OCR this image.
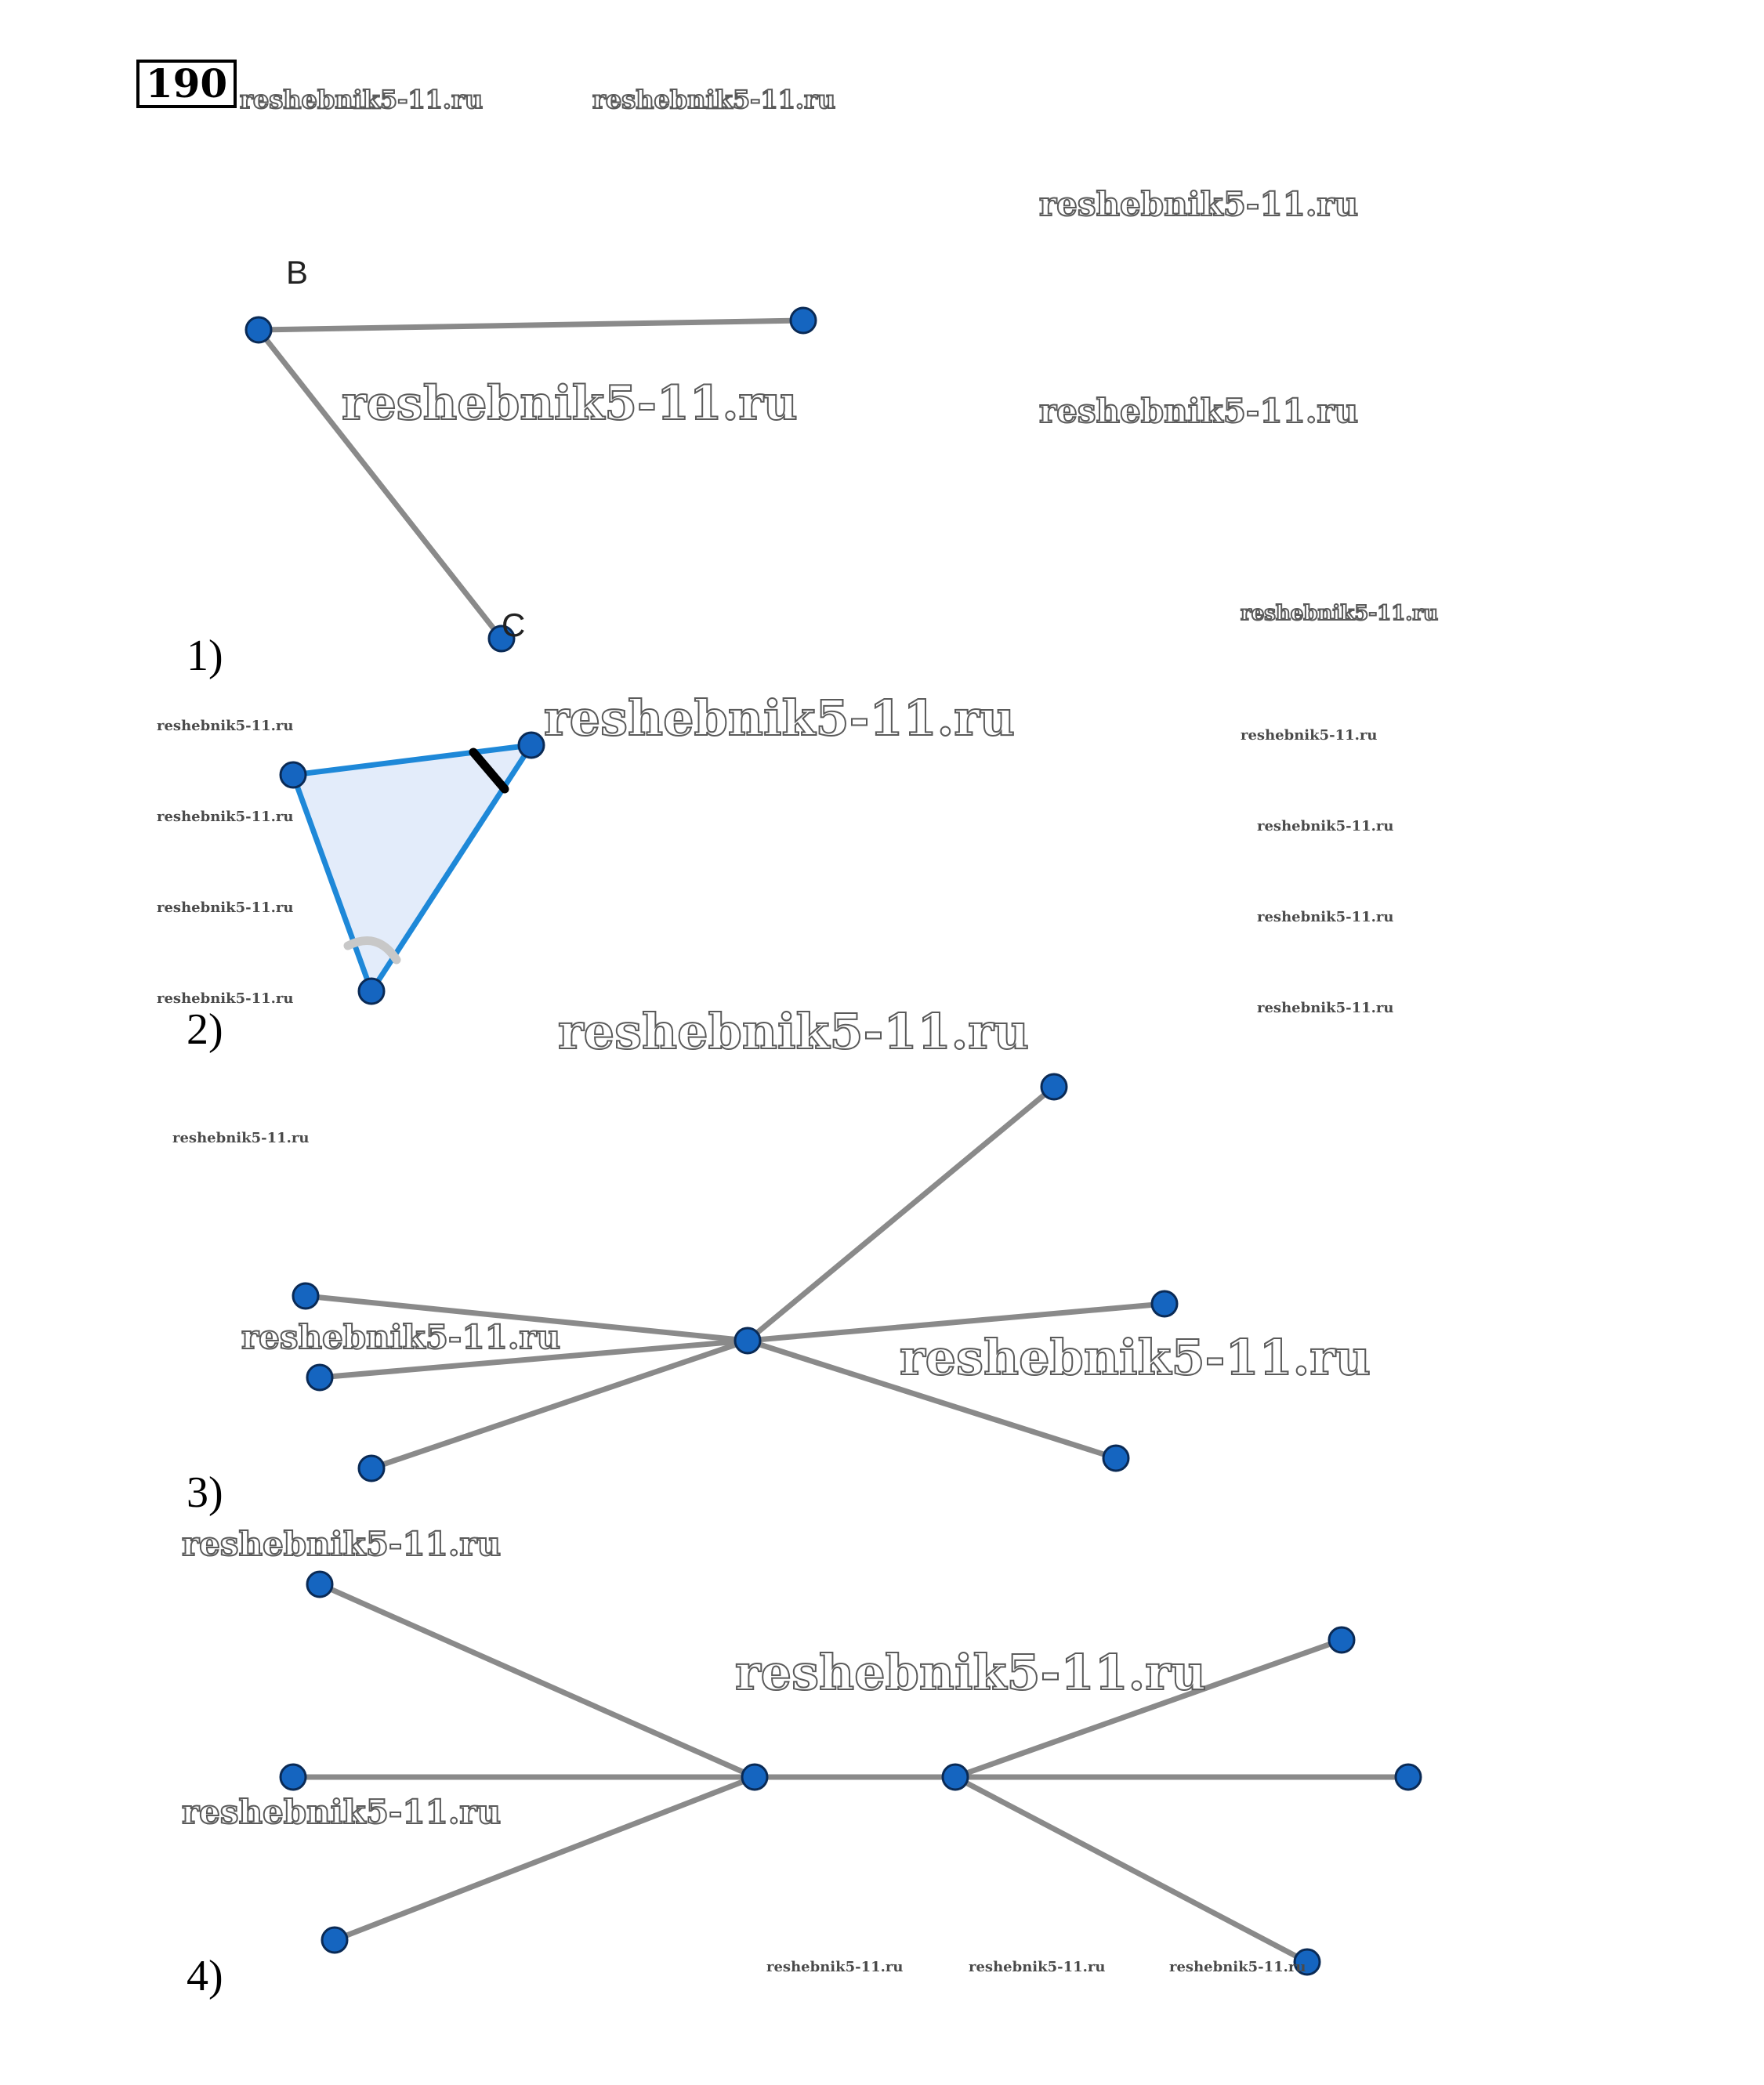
190
1)
2)
3)
4)
B
C
reshebnik5-11.ru	reshebnik5-11.ru
reshebnik5-11.ru
reshebnik5-11.ru	reshebnik5-11.ru
reshebnik5-11.ru
reshebnik5-11.ru
reshebnik5-11.ru
reshebnik5-11.ru
reshebnik5-11.ru
reshebnik5-11.ru
reshebnik5-11.ru
reshebnik5-11.ru
reshebnik5-11.ru
reshebnik5-11.ru
reshebnik5-11.ru
reshebnik5-11.ru
reshebnik5-11.ru	reshebnik5-11.ru
reshebnik5-11.ru
reshebnik5-11.ru
reshebnik5-11.ru
reshebnik5-11.ru	reshebnik5-11.ru	reshebnik5-11.ru
